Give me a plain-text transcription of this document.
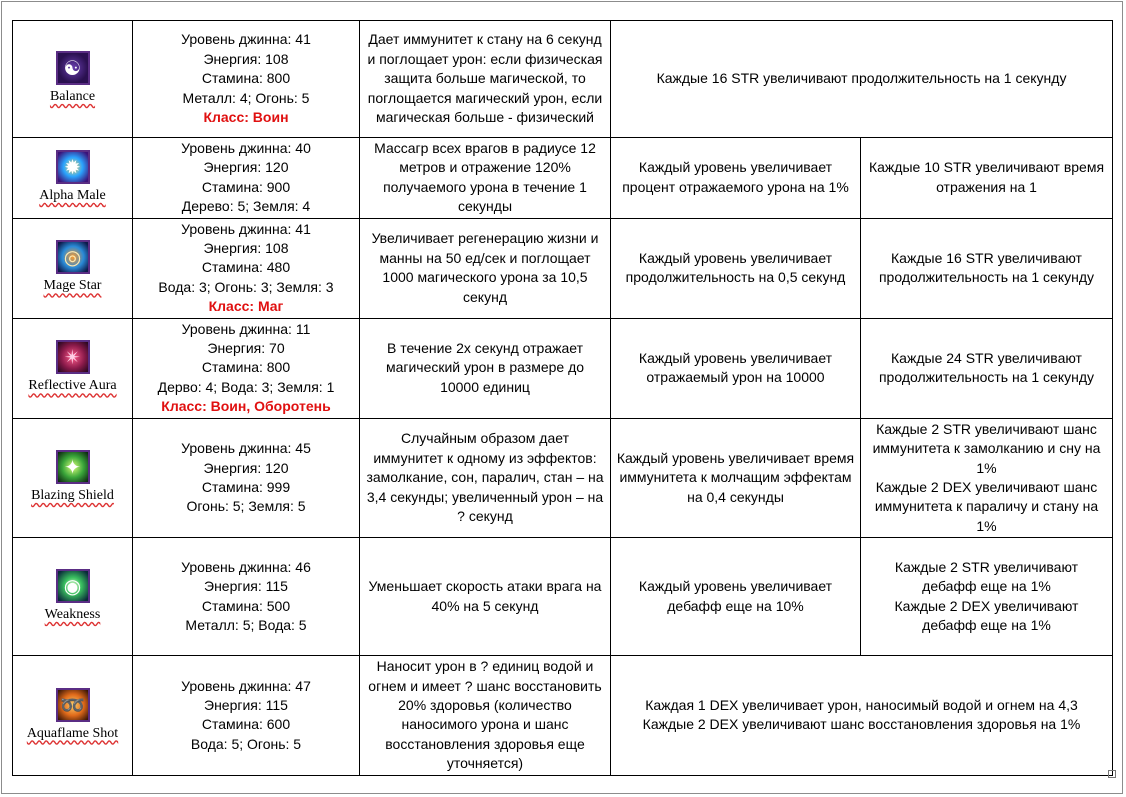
☯
Balance	Уровень джинна: 41
Энергия: 108
Стамина: 800
Металл: 4; Огонь: 5
Класс: Воин	Дает иммунитет к стану на 6 секунд и поглощает урон: если физическая защита больше магической, то поглощается магический урон, если магическая больше - физический	Каждые 16 STR увеличивают продолжительность на 1 секунду	

✹
Alpha Male	Уровень джинна: 40
Энергия: 120
Стамина: 900
Дерево: 5; Земля: 4	Массагр всех врагов в радиусе 12 метров и отражение 120% получаемого урона в течение 1 секунды	Каждый уровень увеличивает процент отражаемого урона на 1%	Каждые 10 STR увеличивают время отражения на 1

◎
Mage Star	Уровень джинна: 41
Энергия: 108
Стамина: 480
Вода: 3; Огонь: 3; Земля: 3
Класс: Маг	Увеличивает регенерацию жизни и манны на 50 ед/сек и поглощает 1000 магического урона за 10,5 секунд	Каждый уровень увеличивает продолжительность на 0,5 секунд	Каждые 16 STR увеличивают продолжительность на 1 секунду

✴
Reflective Aura	Уровень джинна: 11
Энергия: 70
Стамина: 800
Дерво: 4; Вода: 3; Земля: 1
Класс: Воин, Оборотень	В течение 2х секунд отражает магический урон в размере до 10000 единиц	Каждый уровень увеличивает отражаемый урон на 10000	Каждые 24 STR увеличивают продолжительность на 1 секунду

✦
Blazing Shield	Уровень джинна: 45
Энергия: 120
Стамина: 999
Огонь: 5; Земля: 5	Случайным образом дает иммунитет к одному из эффектов: замолкание, сон, паралич, стан – на 3,4 секунды; увеличенный урон – на ? секунд	Каждый уровень увеличивает время иммунитета к молчащим эффектам на 0,4 секунды	Каждые 2 STR увеличивают шанс иммунитета к замолканию и сну на 1%
Каждые 2 DEX увеличивают шанс иммунитета к параличу и стану на 1%

◉
Weakness	Уровень джинна: 46
Энергия: 115
Стамина: 500
Металл: 5; Вода: 5	Уменьшает скорость атаки врага на 40% на 5 секунд	Каждый уровень увеличивает дебафф еще на 10%	Каждые 2 STR увеличивают дебафф еще на 1%
Каждые 2 DEX увеличивают дебафф еще на 1%

➿
Aquaflame Shot	Уровень джинна: 47
Энергия: 115
Стамина: 600
Вода: 5; Огонь: 5	Наносит урон в ? единиц водой и огнем и имеет ? шанс восстановить 20% здоровья (количество наносимого урона и шанс восстановления здоровья еще уточняется)	Каждая 1 DEX увеличивает урон, наносимый водой и огнем на 4,3
Каждые 2 DEX увеличивают шанс восстановления здоровья на 1%	
